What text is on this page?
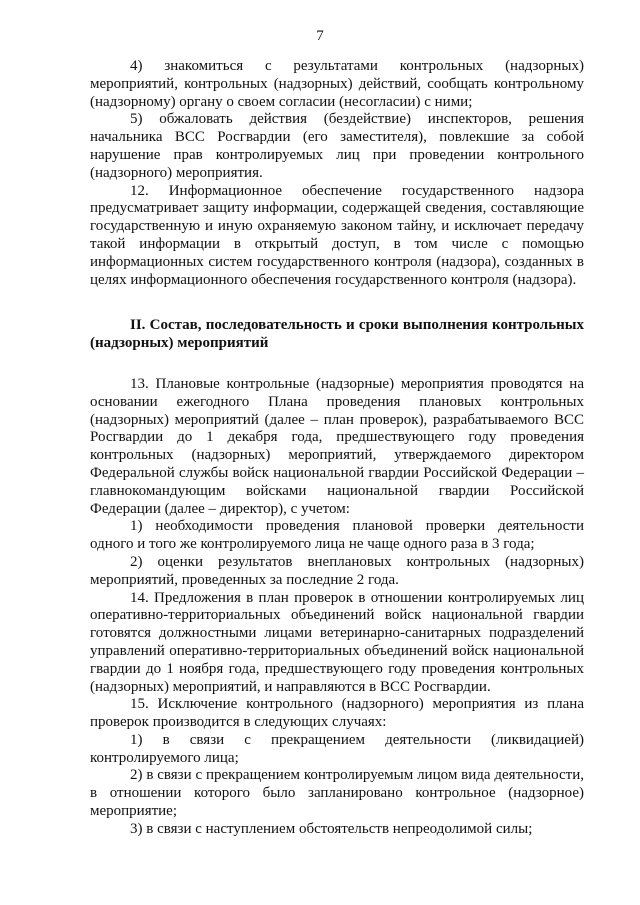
7

4) знакомиться с результатами контрольных (надзорных) мероприятий, контрольных (надзорных) действий, сообщать контрольному (надзорному) органу о своем согласии (несогласии) с ними;

5) обжаловать действия (бездействие) инспекторов, решения начальника ВСС Росгвардии (его заместителя), повлекшие за собой нарушение прав контролируемых лиц при проведении контрольного (надзорного) мероприятия.

12. Информационное обеспечение государственного надзора предусматривает защиту информации, содержащей сведения, составляющие государственную и иную охраняемую законом тайну, и исключает передачу такой информации в открытый доступ, в том числе с помощью информационных систем государственного контроля (надзора), созданных в целях информационного обеспечения государственного контроля (надзора).

II. Состав, последовательность и сроки выполнения контрольных (надзорных) мероприятий

13. Плановые контрольные (надзорные) мероприятия проводятся на основании ежегодного Плана проведения плановых контрольных (надзорных) мероприятий (далее – план проверок), разрабатываемого ВСС Росгвардии до 1 декабря года, предшествующего году проведения контрольных (надзорных) мероприятий, утверждаемого директором Федеральной службы войск национальной гвардии Российской Федерации – главнокомандующим войсками национальной гвардии Российской Федерации (далее – директор), с учетом:

1) необходимости проведения плановой проверки деятельности одного и того же контролируемого лица не чаще одного раза в 3 года;

2) оценки результатов внеплановых контрольных (надзорных) мероприятий, проведенных за последние 2 года.

14. Предложения в план проверок в отношении контролируемых лиц оперативно-территориальных объединений войск национальной гвардии готовятся должностными лицами ветеринарно-санитарных подразделений управлений оперативно-территориальных объединений войск национальной гвардии до 1 ноября года, предшествующего году проведения контрольных (надзорных) мероприятий, и направляются в ВСС Росгвардии.

15. Исключение контрольного (надзорного) мероприятия из плана проверок производится в следующих случаях:

1) в связи с прекращением деятельности (ликвидацией) контролируемого лица;

2) в связи с прекращением контролируемым лицом вида деятельности, в отношении которого было запланировано контрольное (надзорное) мероприятие;

3) в связи с наступлением обстоятельств непреодолимой силы;
